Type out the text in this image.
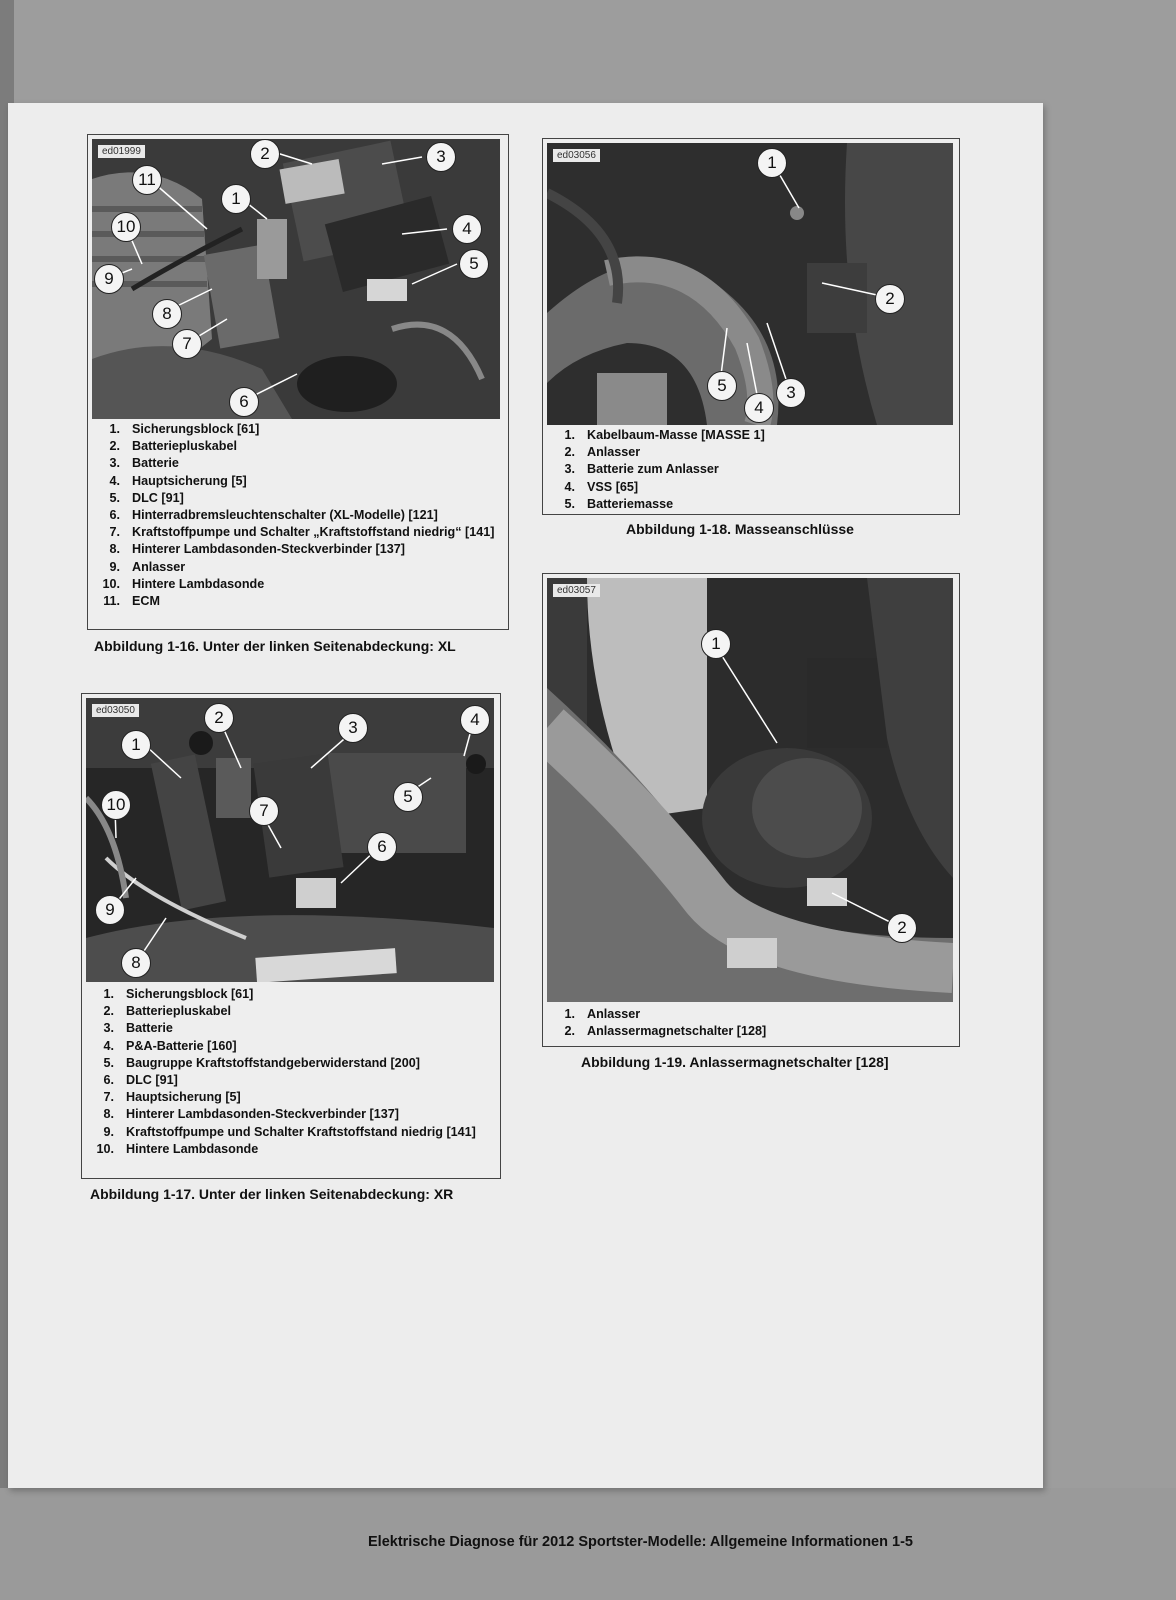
ed01999
1
2	3
4
5
6
7
8
9
10
11
1. Sicherungsblock [61]
2. Batteriepluskabel
3. Batterie
4. Hauptsicherung [5]
5. DLC [91]
6. Hinterradbremsleuchtenschalter (XL-Modelle) [121]
7. Kraftstoffpumpe und Schalter „Kraftstoffstand niedrig“ [141]
8. Hinterer Lambdasonden-Steckverbinder [137]
9. Anlasser
10. Hintere Lambdasonde
11. ECM
Abbildung 1-16. Unter der linken Seitenabdeckung: XL
ed03050
1
2
3	4
5
6
7
8
9
10
1. Sicherungsblock [61]
2. Batteriepluskabel
3. Batterie
4. P&A-Batterie [160]
5. Baugruppe Kraftstoffstandgeberwiderstand [200]
6. DLC [91]
7. Hauptsicherung [5]
8. Hinterer Lambdasonden-Steckverbinder [137]
9. Kraftstoffpumpe und Schalter Kraftstoffstand niedrig [141]
10. Hintere Lambdasonde
Abbildung 1-17. Unter der linken Seitenabdeckung: XR
ed03056	1
2
3
4
5
1. Kabelbaum-Masse [MASSE 1]
2. Anlasser
3. Batterie zum Anlasser
4. VSS [65]
5. Batteriemasse
Abbildung 1-18. Masseanschlüsse
ed03057
1
2
1. Anlasser
2. Anlassermagnetschalter [128]
Abbildung 1-19. Anlassermagnetschalter [128]
Elektrische Diagnose für 2012 Sportster-Modelle: Allgemeine Informationen 1-5
